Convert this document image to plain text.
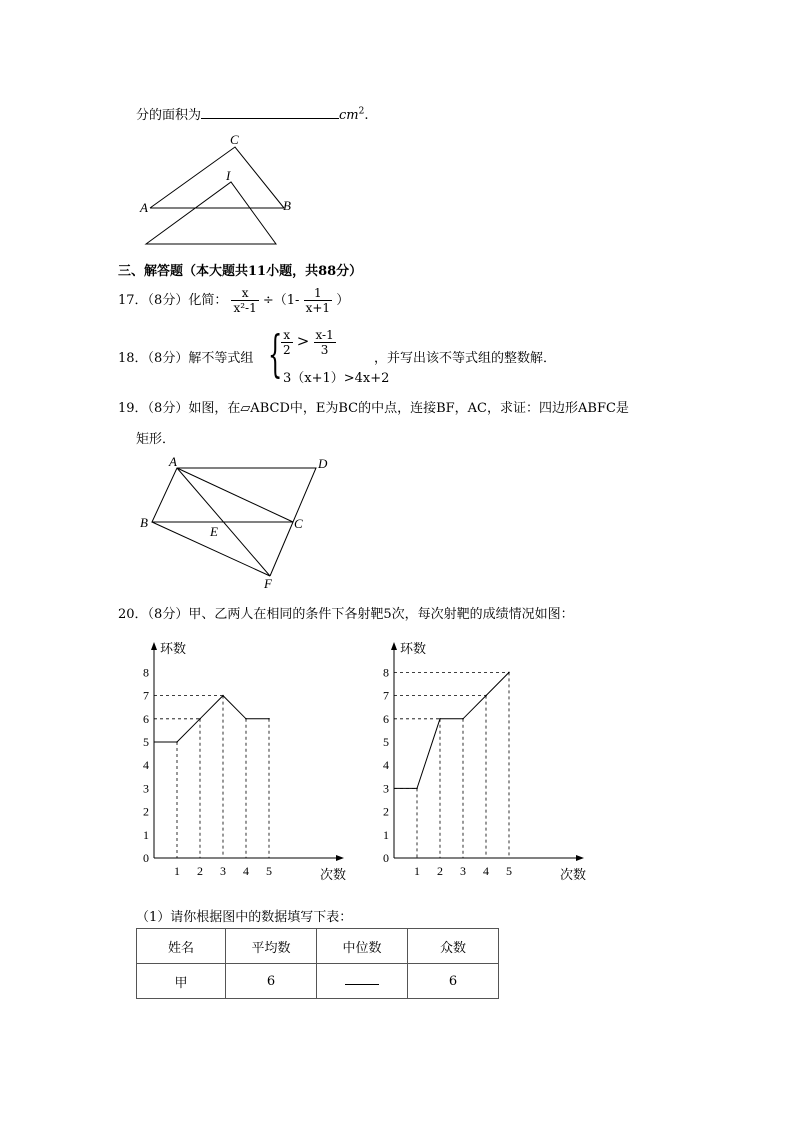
分的面积为	$cm^2$.
C
I
A	B
三、解答题（本大题共11小题，共88分）
17．（8分）化简： $\frac{x}{\text{x²-1}} \div(1- \frac{1}{x+1}$ ）
18．（8分）解不等式组 {
$\frac{x}{2} > \frac{x-1}{3}$
3（x+1）>4x+2
，并写出该不等式组的整数解．
19．（8分）如图，在▱ABCD中，E为BC的中点，连接BF，AC，求证：四边形ABFC是
矩形．
A	D
B	C
E
F
20．（8分）甲、乙两人在相同的条件下各射靶5次，每次射靶的成绩情况如图：
环数
次数
0
1
2
3
4
5
6
7
8
1 2 3 4 5
环数
次数
0
1
2
3
4
5
6
7
8
1 2 3 4 5
（1）请你根据图中的数据填写下表：
姓名	平均数	中位数	众数
甲	6		6
